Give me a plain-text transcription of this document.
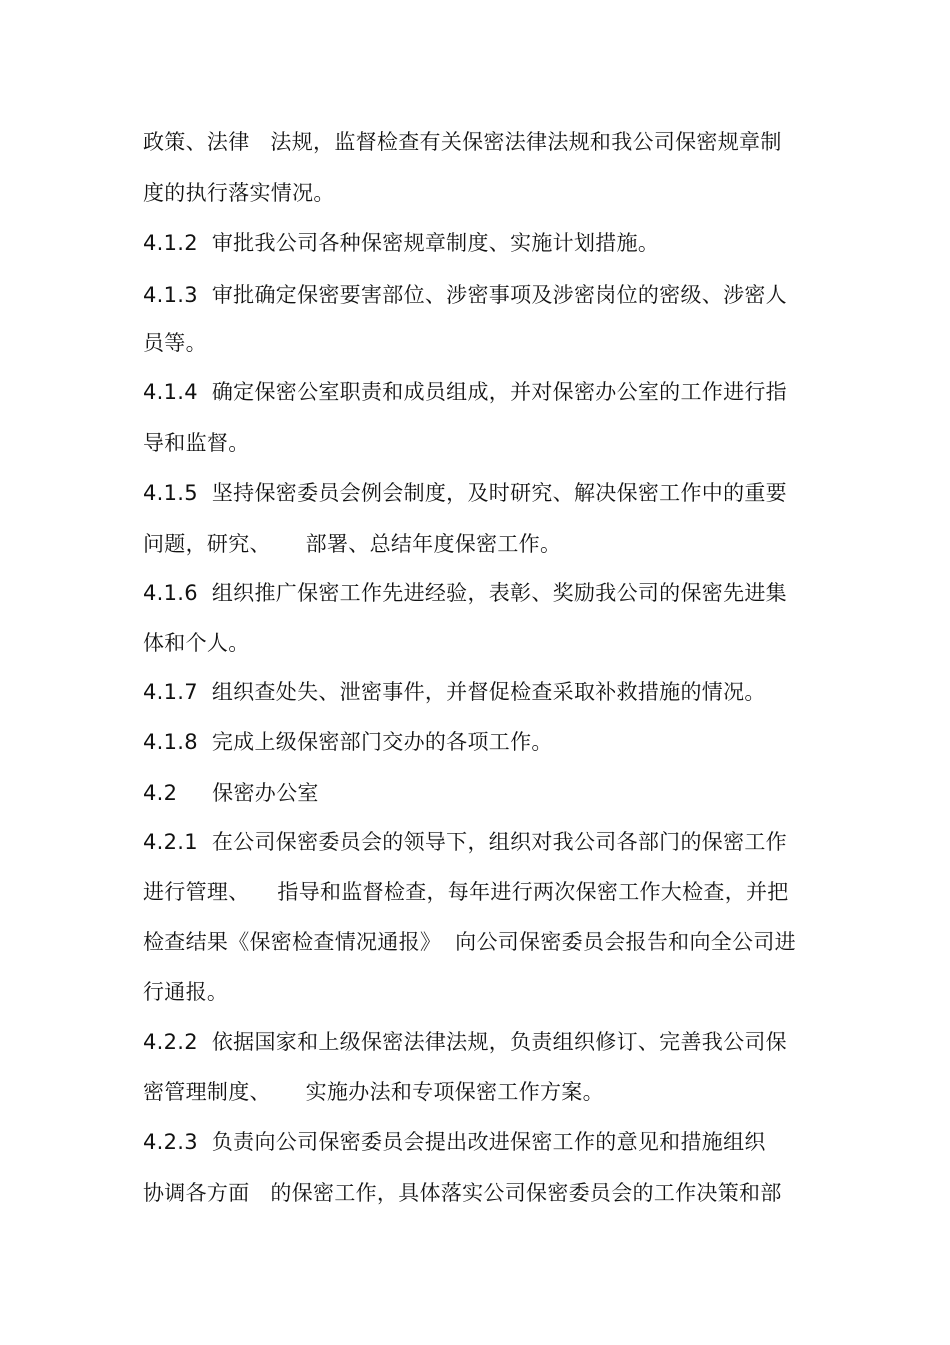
政策、法律   法规，监督检查有关保密法律法规和我公司保密规章制
度的执行落实情况。
4.1.2  审批我公司各种保密规章制度、实施计划措施。
4.1.3  审批确定保密要害部位、涉密事项及涉密岗位的密级、涉密人
员等。
4.1.4  确定保密公室职责和成员组成，并对保密办公室的工作进行指
导和监督。
4.1.5  坚持保密委员会例会制度，及时研究、解决保密工作中的重要
问题，研究、     部署、总结年度保密工作。
4.1.6  组织推广保密工作先进经验，表彰、奖励我公司的保密先进集
体和个人。
4.1.7  组织查处失、泄密事件，并督促检查采取补救措施的情况。
4.1.8  完成上级保密部门交办的各项工作。
4.2     保密办公室
4.2.1  在公司保密委员会的领导下，组织对我公司各部门的保密工作
进行管理、    指导和监督检查，每年进行两次保密工作大检查，并把
检查结果《保密检查情况通报》  向公司保密委员会报告和向全公司进
行通报。
4.2.2  依据国家和上级保密法律法规，负责组织修订、完善我公司保
密管理制度、     实施办法和专项保密工作方案。
4.2.3  负责向公司保密委员会提出改进保密工作的意见和措施组织
协调各方面   的保密工作，具体落实公司保密委员会的工作决策和部
